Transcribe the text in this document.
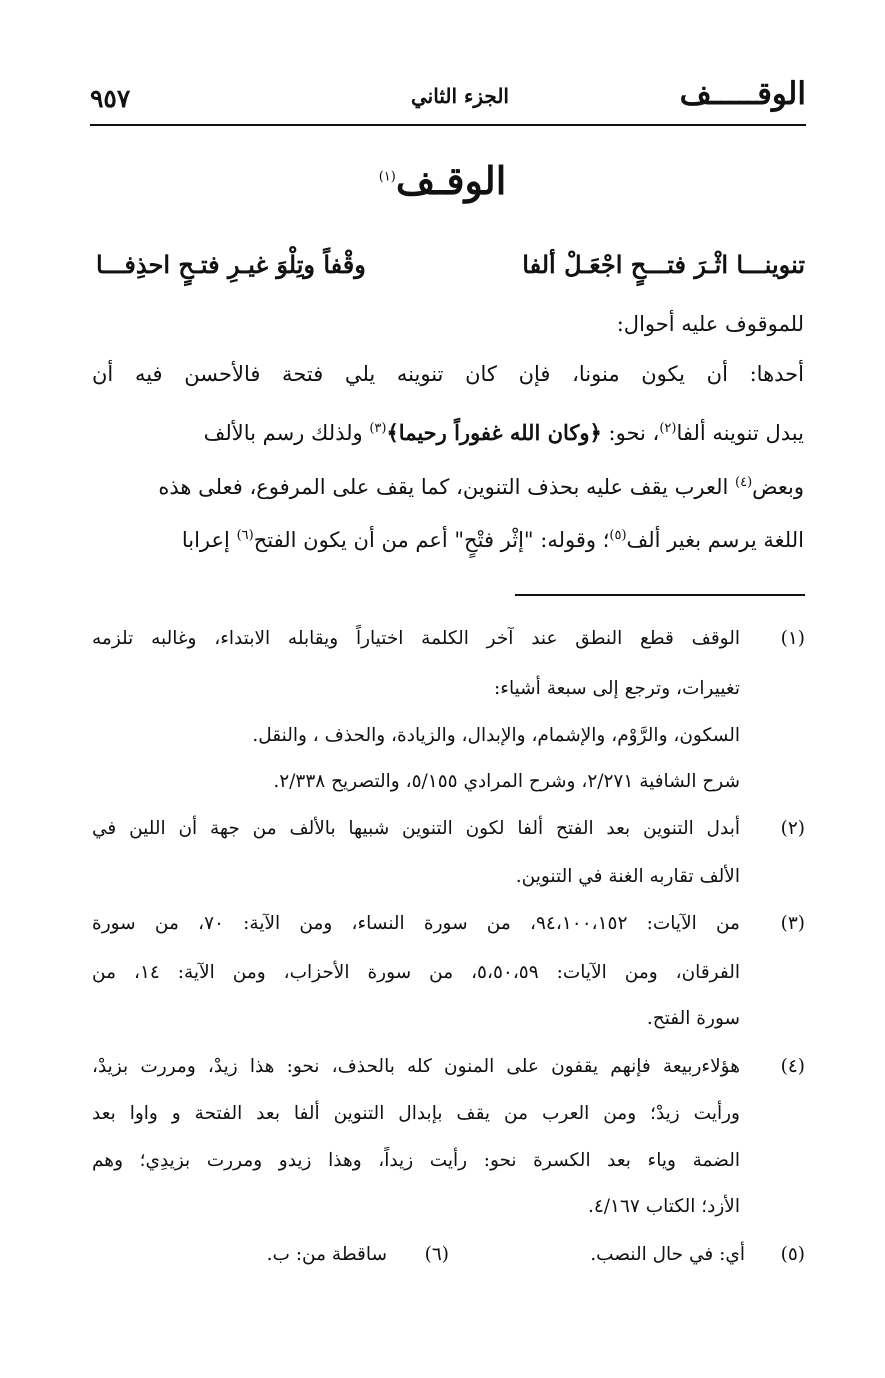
٩٥٧	الجزء الثاني	الوقـــــف
الوقـف$^{(١)}$
تنوينـــا اثْـرَ فتـــحٍ اجْعَـلْ ألفا
وقْفاً وتِلْوَ غيـرِ فتـحٍ احذِفـــا
للموقوف عليه أحوال:
أحدها: أن يكون منونا، فإن كان تنوينه يلي فتحة فالأحسن فيه أن
يبدل تنوينه ألفا$^{(٢)}$، نحو: ﴿وكان الله غفوراً رحيما﴾$^{(٣)}$ ولذلك رسم بالألف
وبعض$^{(٤)}$ العرب يقف عليه بحذف التنوين، كما يقف على المرفوع، فعلى هذه
اللغة يرسم بغير ألف$^{(٥)}$؛ وقوله: "إثْر فتْحٍ" أعم من أن يكون الفتح$^{(٦)}$ إعرابا
(١)
الوقف قطع النطق عند آخر الكلمة اختياراً ويقابله الابتداء، وغالبه تلزمه
تغييرات، وترجع إلى سبعة أشياء:
السكون، والرَّوْم، والإشمام، والإبدال، والزيادة، والحذف ، والنقل.
شرح الشافية ٢/٢٧١، وشرح المرادي ٥/١٥٥، والتصريح ٢/٣٣٨.
(٢)
أبدل التنوين بعد الفتح ألفا لكون التنوين شبيها بالألف من جهة أن اللين في
الألف تقاربه الغنة في التنوين.
(٣)
من الآيات: ٩٤،١٠٠،١٥٢، من سورة النساء، ومن الآية: ٧٠، من سورة
الفرقان، ومن الآيات: ٥،٥٠،٥٩، من سورة الأحزاب، ومن الآية: ١٤، من
سورة الفتح.
(٤)
هؤلاءربيعة فإنهم يقفون على المنون كله بالحذف، نحو: هذا زيدْ، ومررت بزيدْ،
ورأيت زيدْ؛ ومن العرب من يقف بإبدال التنوين ألفا بعد الفتحة و واوا بعد
الضمة وياء بعد الكسرة نحو: رأيت زيداً، وهذا زيدو ومررت بزيدِي؛ وهم
الأزد؛ الكتاب ٤/١٦٧.
(٥)
أي: في حال النصب.
(٦)
ساقطة من: ب.
